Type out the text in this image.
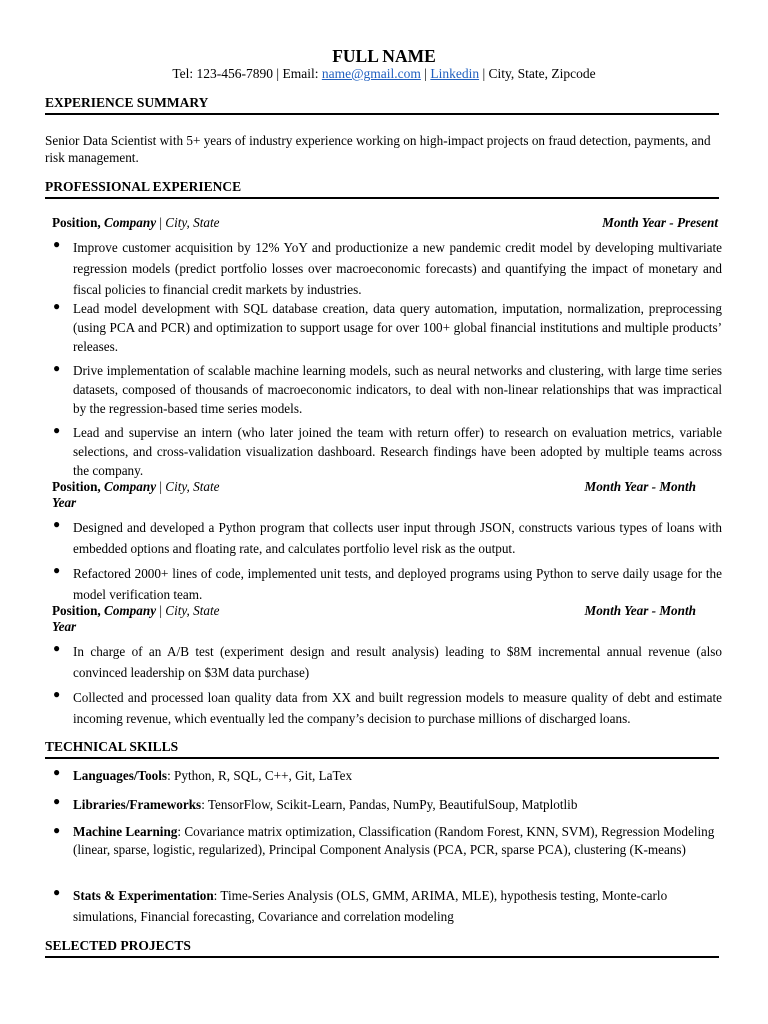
FULL NAME
Tel: 123-456-7890 | Email: name@gmail.com | Linkedin | City, State, Zipcode
EXPERIENCE SUMMARY
Senior Data Scientist with 5+ years of industry experience working on high-impact projects on fraud detection, payments, and risk management.
PROFESSIONAL EXPERIENCE
Position, Company | City, State	Month Year - Present
● Improve customer acquisition by 12% YoY and productionize a new pandemic credit model by developing multivariate regression models (predict portfolio losses over macroeconomic forecasts) and quantifying the impact of monetary and fiscal policies to financial credit markets by industries.
● Lead model development with SQL database creation, data query automation, imputation, normalization, preprocessing (using PCA and PCR) and optimization to support usage for over 100+ global financial institutions and multiple products’ releases.
● Drive implementation of scalable machine learning models, such as neural networks and clustering, with large time series datasets, composed of thousands of macroeconomic indicators, to deal with non-linear relationships that was impractical by the regression-based time series models.
● Lead and supervise an intern (who later joined the team with return offer) to research on evaluation metrics, variable selections, and cross-validation visualization dashboard. Research findings have been adopted by multiple teams across the company.
Position, Company | City, State	Month Year - Month
Year
● Designed and developed a Python program that collects user input through JSON, constructs various types of loans with embedded options and floating rate, and calculates portfolio level risk as the output.
● Refactored 2000+ lines of code, implemented unit tests, and deployed programs using Python to serve daily usage for the model verification team.
Position, Company | City, State	Month Year - Month
Year
● In charge of an A/B test (experiment design and result analysis) leading to $8M incremental annual revenue (also convinced leadership on $3M data purchase)
● Collected and processed loan quality data from XX and built regression models to measure quality of debt and estimate incoming revenue, which eventually led the company’s decision to purchase millions of discharged loans.
TECHNICAL SKILLS
● Languages/Tools: Python, R, SQL, C++, Git, LaTex
● Libraries/Frameworks: TensorFlow, Scikit-Learn, Pandas, NumPy, BeautifulSoup, Matplotlib
● Machine Learning: Covariance matrix optimization, Classification (Random Forest, KNN, SVM), Regression Modeling (linear, sparse, logistic, regularized), Principal Component Analysis (PCA, PCR, sparse PCA), clustering (K-means)
● Stats & Experimentation: Time-Series Analysis (OLS, GMM, ARIMA, MLE), hypothesis testing, Monte-carlo simulations, Financial forecasting, Covariance and correlation modeling
SELECTED PROJECTS
